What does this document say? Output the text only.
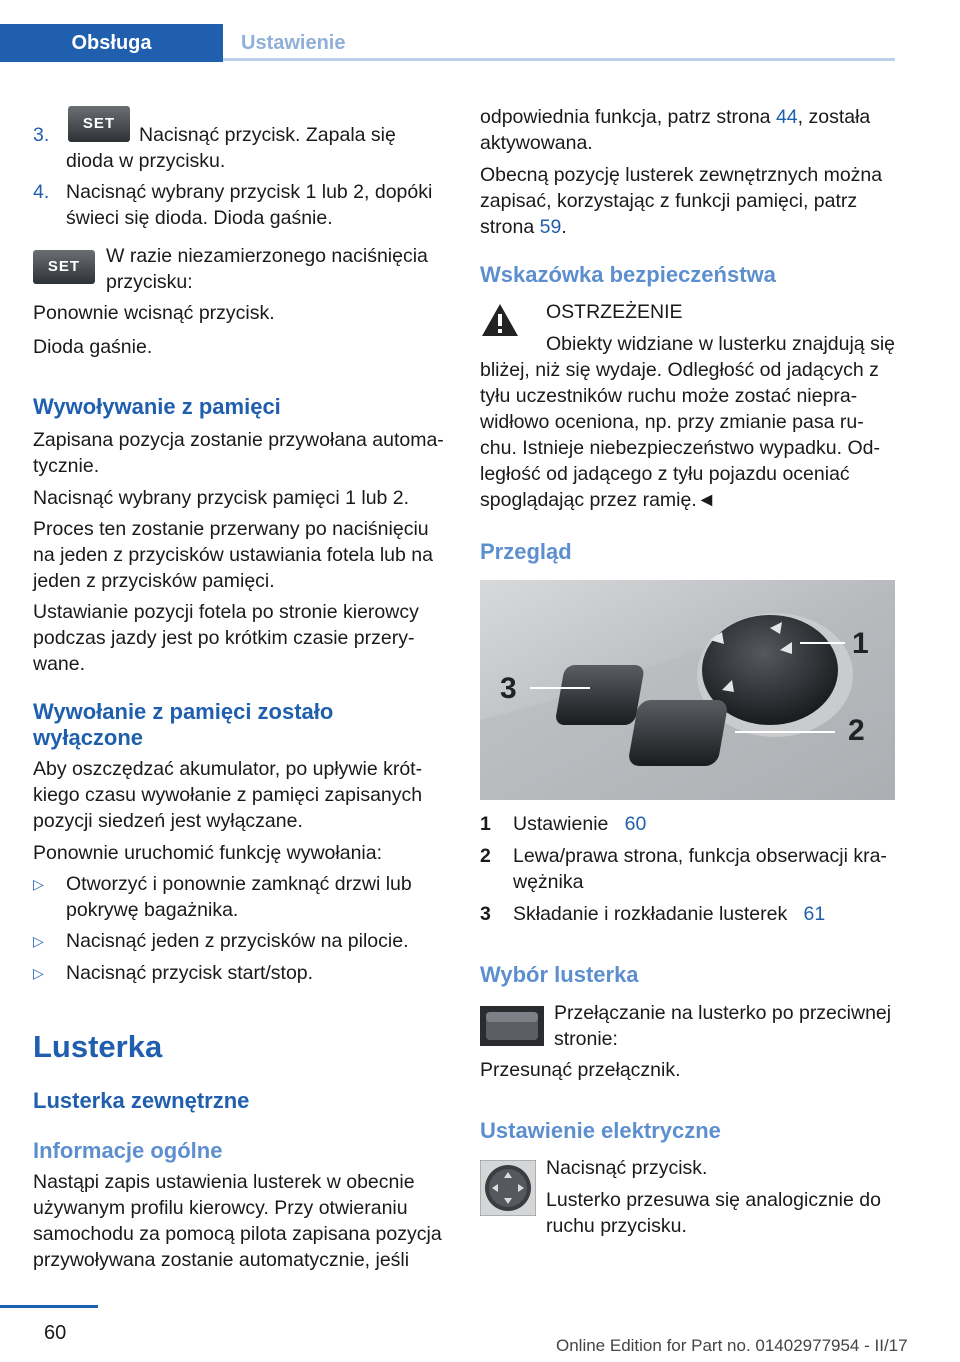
Obsługa	Ustawienie
3.
SET
Nacisnąć przycisk. Zapala się
dioda w przycisku.
4. Nacisnąć wybrany przycisk 1 lub 2, dopóki
świeci się dioda. Dioda gaśnie.
SET	W razie niezamierzonego naciśnięcia
przycisku:
Ponownie wcisnąć przycisk.
Dioda gaśnie.
Wywoływanie z pamięci
Zapisana pozycja zostanie przywołana automa‐
tycznie.
Nacisnąć wybrany przycisk pamięci 1 lub 2.
Proces ten zostanie przerwany po naciśnięciu
na jeden z przycisków ustawiania fotela lub na
jeden z przycisków pamięci.
Ustawianie pozycji fotela po stronie kierowcy
podczas jazdy jest po krótkim czasie przery‐
wane.
Wywołanie z pamięci zostało
wyłączone
Aby oszczędzać akumulator, po upływie krót‐
kiego czasu wywołanie z pamięci zapisanych
pozycji siedzeń jest wyłączane.
Ponownie uruchomić funkcję wywołania:
▷ Otworzyć i ponownie zamknąć drzwi lub
pokrywę bagażnika.
▷ Nacisnąć jeden z przycisków na pilocie.
▷ Nacisnąć przycisk start/stop.
Lusterka
Lusterka zewnętrzne
Informacje ogólne
Nastąpi zapis ustawienia lusterek w obecnie
używanym profilu kierowcy. Przy otwieraniu
samochodu za pomocą pilota zapisana pozycja
przywoływana zostanie automatycznie, jeśli
odpowiednia funkcja, patrz strona 44, została
aktywowana.
Obecną pozycję lusterek zewnętrznych można
zapisać, korzystając z funkcji pamięci, patrz
strona 59.
Wskazówka bezpieczeństwa
OSTRZEŻENIE
Obiekty widziane w lusterku znajdują się
bliżej, niż się wydaje. Odległość od jadących z
tyłu uczestników ruchu może zostać niepra‐
widłowo oceniona, np. przy zmianie pasa ru‐
chu. Istnieje niebezpieczeństwo wypadku. Od‐
ległość od jadącego z tyłu pojazdu oceniać
spoglądając przez ramię.◄
Przegląd
1
2
3
1 Ustawienie 60
2 Lewa/prawa strona, funkcja obserwacji kra‐
wężnika
3 Składanie i rozkładanie lusterek 61
Wybór lusterka
Przełączanie na lusterko po przeciwnej
stronie:
Przesunąć przełącznik.
Ustawienie elektryczne
Nacisnąć przycisk.
Lusterko przesuwa się analogicznie do
ruchu przycisku.
60
Online Edition for Part no. 01402977954 - II/17
